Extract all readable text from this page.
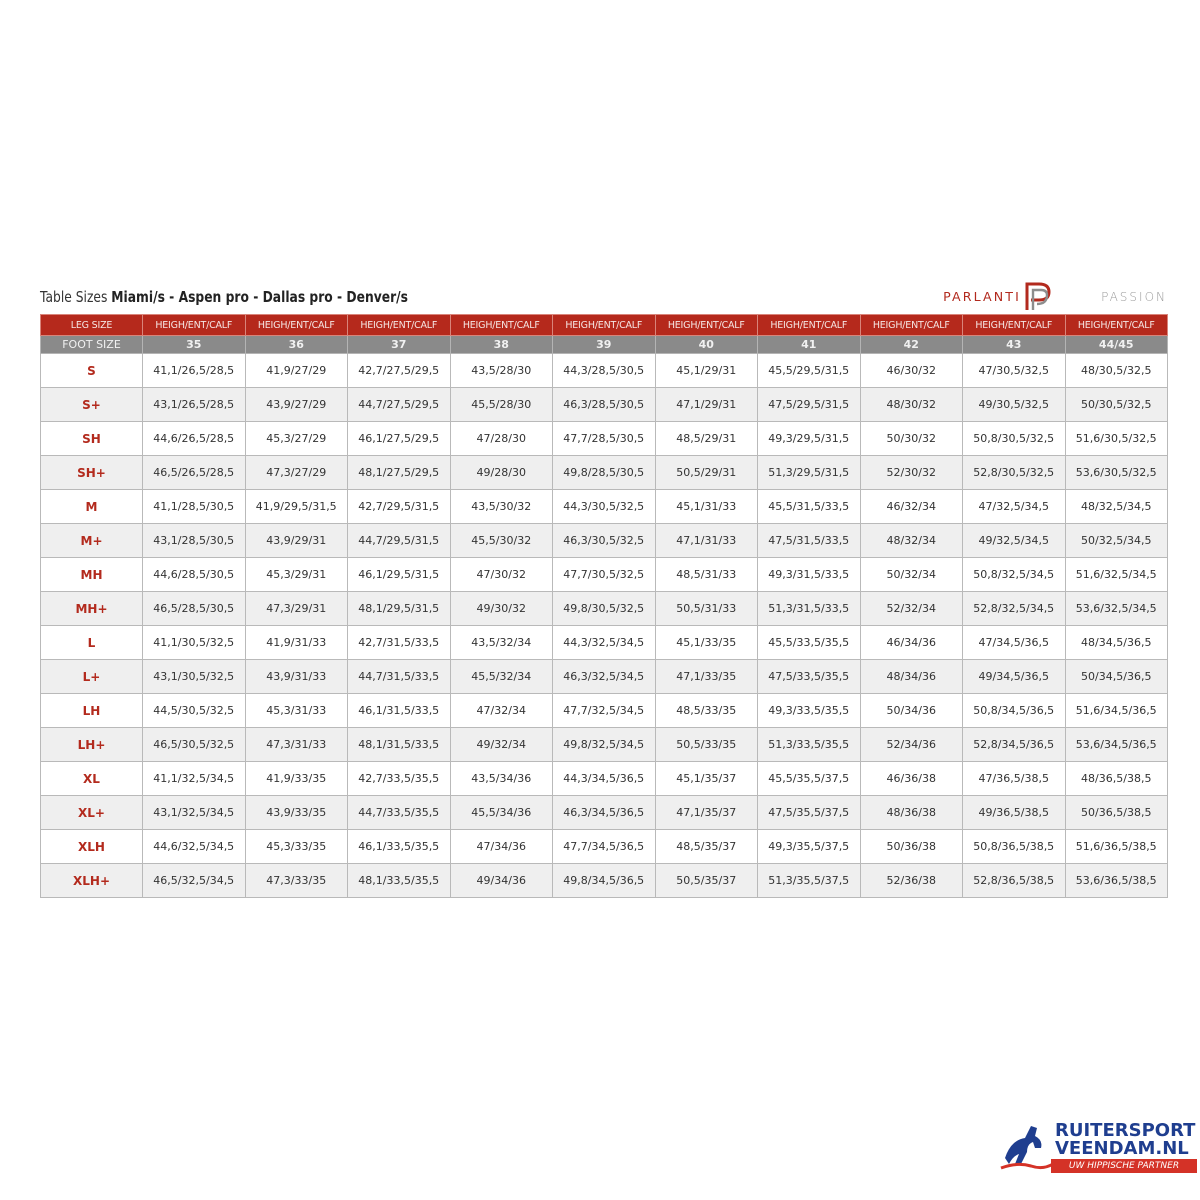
Table Sizes Miami/s - Aspen pro - Dallas pro - Denver/s	PARLANTI	PASSION
LEG SIZE	HEIGH/ENT/CALF	HEIGH/ENT/CALF	HEIGH/ENT/CALF	HEIGH/ENT/CALF	HEIGH/ENT/CALF	HEIGH/ENT/CALF	HEIGH/ENT/CALF	HEIGH/ENT/CALF	HEIGH/ENT/CALF	HEIGH/ENT/CALF
FOOT SIZE	35	36	37	38	39	40	41	42	43	44/45
S	41,1/26,5/28,5	41,9/27/29	42,7/27,5/29,5	43,5/28/30	44,3/28,5/30,5	45,1/29/31	45,5/29,5/31,5	46/30/32	47/30,5/32,5	48/30,5/32,5
S+	43,1/26,5/28,5	43,9/27/29	44,7/27,5/29,5	45,5/28/30	46,3/28,5/30,5	47,1/29/31	47,5/29,5/31,5	48/30/32	49/30,5/32,5	50/30,5/32,5
SH	44,6/26,5/28,5	45,3/27/29	46,1/27,5/29,5	47/28/30	47,7/28,5/30,5	48,5/29/31	49,3/29,5/31,5	50/30/32	50,8/30,5/32,5	51,6/30,5/32,5
SH+	46,5/26,5/28,5	47,3/27/29	48,1/27,5/29,5	49/28/30	49,8/28,5/30,5	50,5/29/31	51,3/29,5/31,5	52/30/32	52,8/30,5/32,5	53,6/30,5/32,5
M	41,1/28,5/30,5	41,9/29,5/31,5	42,7/29,5/31,5	43,5/30/32	44,3/30,5/32,5	45,1/31/33	45,5/31,5/33,5	46/32/34	47/32,5/34,5	48/32,5/34,5
M+	43,1/28,5/30,5	43,9/29/31	44,7/29,5/31,5	45,5/30/32	46,3/30,5/32,5	47,1/31/33	47,5/31,5/33,5	48/32/34	49/32,5/34,5	50/32,5/34,5
MH	44,6/28,5/30,5	45,3/29/31	46,1/29,5/31,5	47/30/32	47,7/30,5/32,5	48,5/31/33	49,3/31,5/33,5	50/32/34	50,8/32,5/34,5	51,6/32,5/34,5
MH+	46,5/28,5/30,5	47,3/29/31	48,1/29,5/31,5	49/30/32	49,8/30,5/32,5	50,5/31/33	51,3/31,5/33,5	52/32/34	52,8/32,5/34,5	53,6/32,5/34,5
L	41,1/30,5/32,5	41,9/31/33	42,7/31,5/33,5	43,5/32/34	44,3/32,5/34,5	45,1/33/35	45,5/33,5/35,5	46/34/36	47/34,5/36,5	48/34,5/36,5
L+	43,1/30,5/32,5	43,9/31/33	44,7/31,5/33,5	45,5/32/34	46,3/32,5/34,5	47,1/33/35	47,5/33,5/35,5	48/34/36	49/34,5/36,5	50/34,5/36,5
LH	44,5/30,5/32,5	45,3/31/33	46,1/31,5/33,5	47/32/34	47,7/32,5/34,5	48,5/33/35	49,3/33,5/35,5	50/34/36	50,8/34,5/36,5	51,6/34,5/36,5
LH+	46,5/30,5/32,5	47,3/31/33	48,1/31,5/33,5	49/32/34	49,8/32,5/34,5	50,5/33/35	51,3/33,5/35,5	52/34/36	52,8/34,5/36,5	53,6/34,5/36,5
XL	41,1/32,5/34,5	41,9/33/35	42,7/33,5/35,5	43,5/34/36	44,3/34,5/36,5	45,1/35/37	45,5/35,5/37,5	46/36/38	47/36,5/38,5	48/36,5/38,5
XL+	43,1/32,5/34,5	43,9/33/35	44,7/33,5/35,5	45,5/34/36	46,3/34,5/36,5	47,1/35/37	47,5/35,5/37,5	48/36/38	49/36,5/38,5	50/36,5/38,5
XLH	44,6/32,5/34,5	45,3/33/35	46,1/33,5/35,5	47/34/36	47,7/34,5/36,5	48,5/35/37	49,3/35,5/37,5	50/36/38	50,8/36,5/38,5	51,6/36,5/38,5
XLH+	46,5/32,5/34,5	47,3/33/35	48,1/33,5/35,5	49/34/36	49,8/34,5/36,5	50,5/35/37	51,3/35,5/37,5	52/36/38	52,8/36,5/38,5	53,6/36,5/38,5
RUITERSPORT
VEENDAM.NL
UW HIPPISCHE PARTNER
